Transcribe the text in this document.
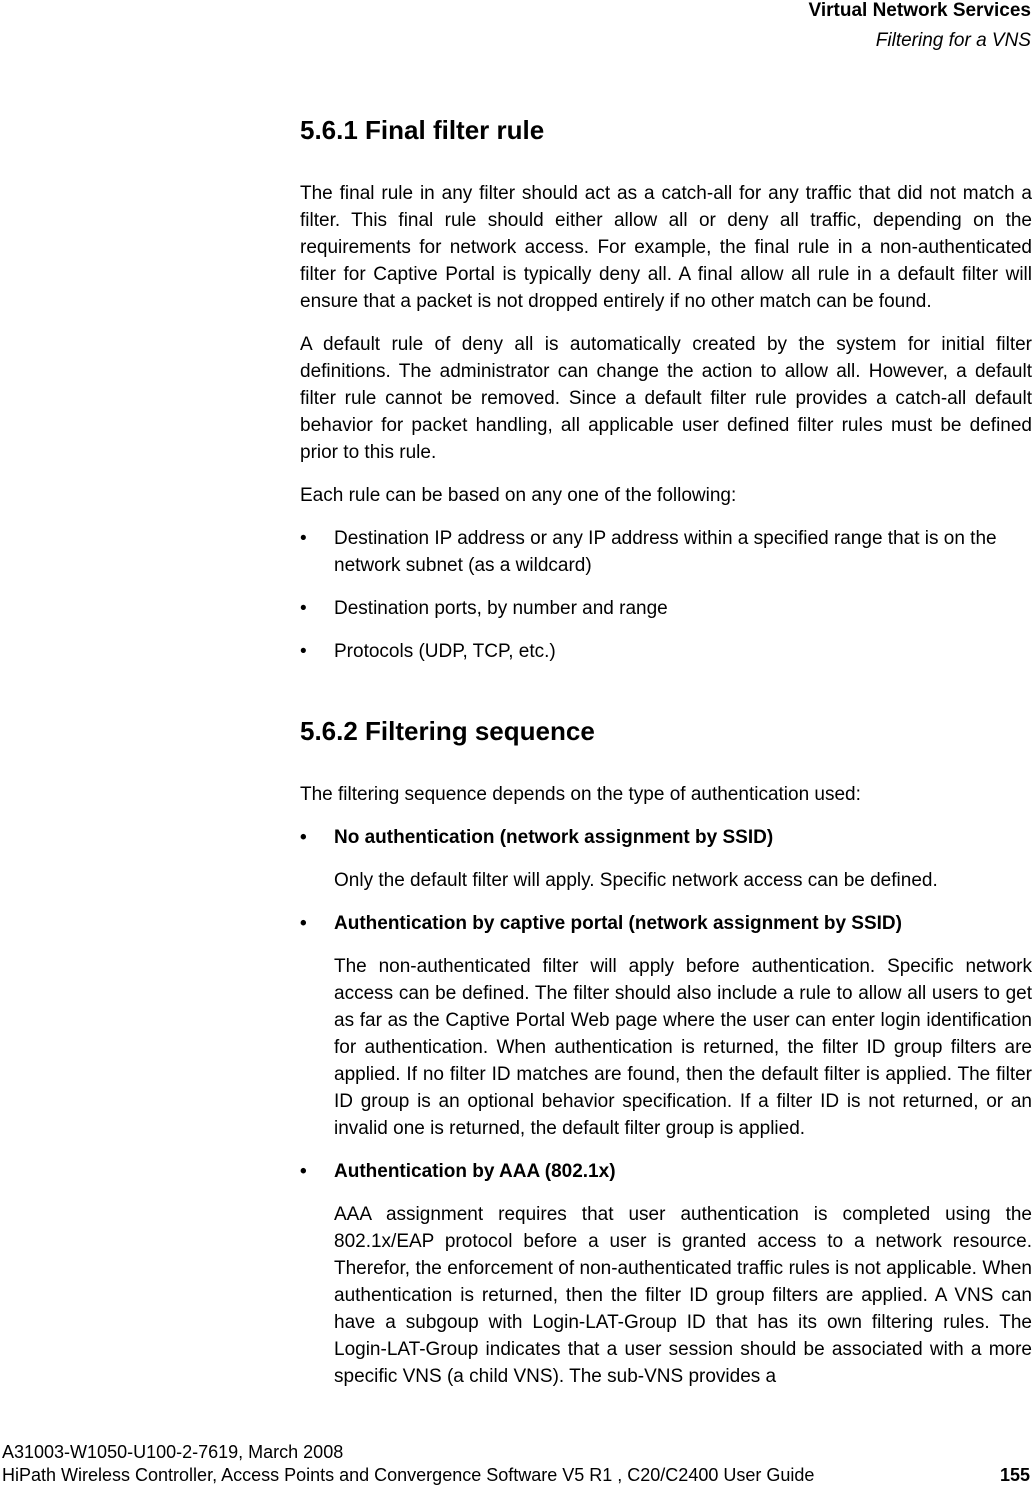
Virtual Network Services
Filtering for a VNS
5.6.1 Final filter rule

The final rule in any filter should act as a catch-all for any traffic that did not match a filter. This final rule should either allow all or deny all traffic, depending on the requirements for network access. For example, the final rule in a non-authenticated filter for Captive Portal is typically deny all. A final allow all rule in a default filter will ensure that a packet is not dropped entirely if no other match can be found.

A default rule of deny all is automatically created by the system for initial filter definitions. The administrator can change the action to allow all. However, a default filter rule cannot be removed. Since a default filter rule provides a catch-all default behavior for packet handling, all applicable user defined filter rules must be defined prior to this rule.

Each rule can be based on any one of the following:

• Destination IP address or any IP address within a specified range that is on the network subnet (as a wildcard)
• Destination ports, by number and range
• Protocols (UDP, TCP, etc.)
5.6.2 Filtering sequence

The filtering sequence depends on the type of authentication used:

• No authentication (network assignment by SSID)
Only the default filter will apply. Specific network access can be defined.
• Authentication by captive portal (network assignment by SSID)
The non-authenticated filter will apply before authentication. Specific network access can be defined. The filter should also include a rule to allow all users to get as far as the Captive Portal Web page where the user can enter login identification for authentication. When authentication is returned, the filter ID group filters are applied. If no filter ID matches are found, then the default filter is applied. The filter ID group is an optional behavior specification. If a filter ID is not returned, or an invalid one is returned, the default filter group is applied.
• Authentication by AAA (802.1x)
AAA assignment requires that user authentication is completed using the 802.1x/EAP protocol before a user is granted access to a network resource. Therefor, the enforcement of non-authenticated traffic rules is not applicable. When authentication is returned, then the filter ID group filters are applied. A VNS can have a subgoup with Login-LAT-Group ID that has its own filtering rules. The Login-LAT-Group indicates that a user session should be associated with a more specific VNS (a child VNS). The sub-VNS provides a
A31003-W1050-U100-2-7619, March 2008
HiPath Wireless Controller, Access Points and Convergence Software V5 R1 , C20/C2400 User Guide	155
